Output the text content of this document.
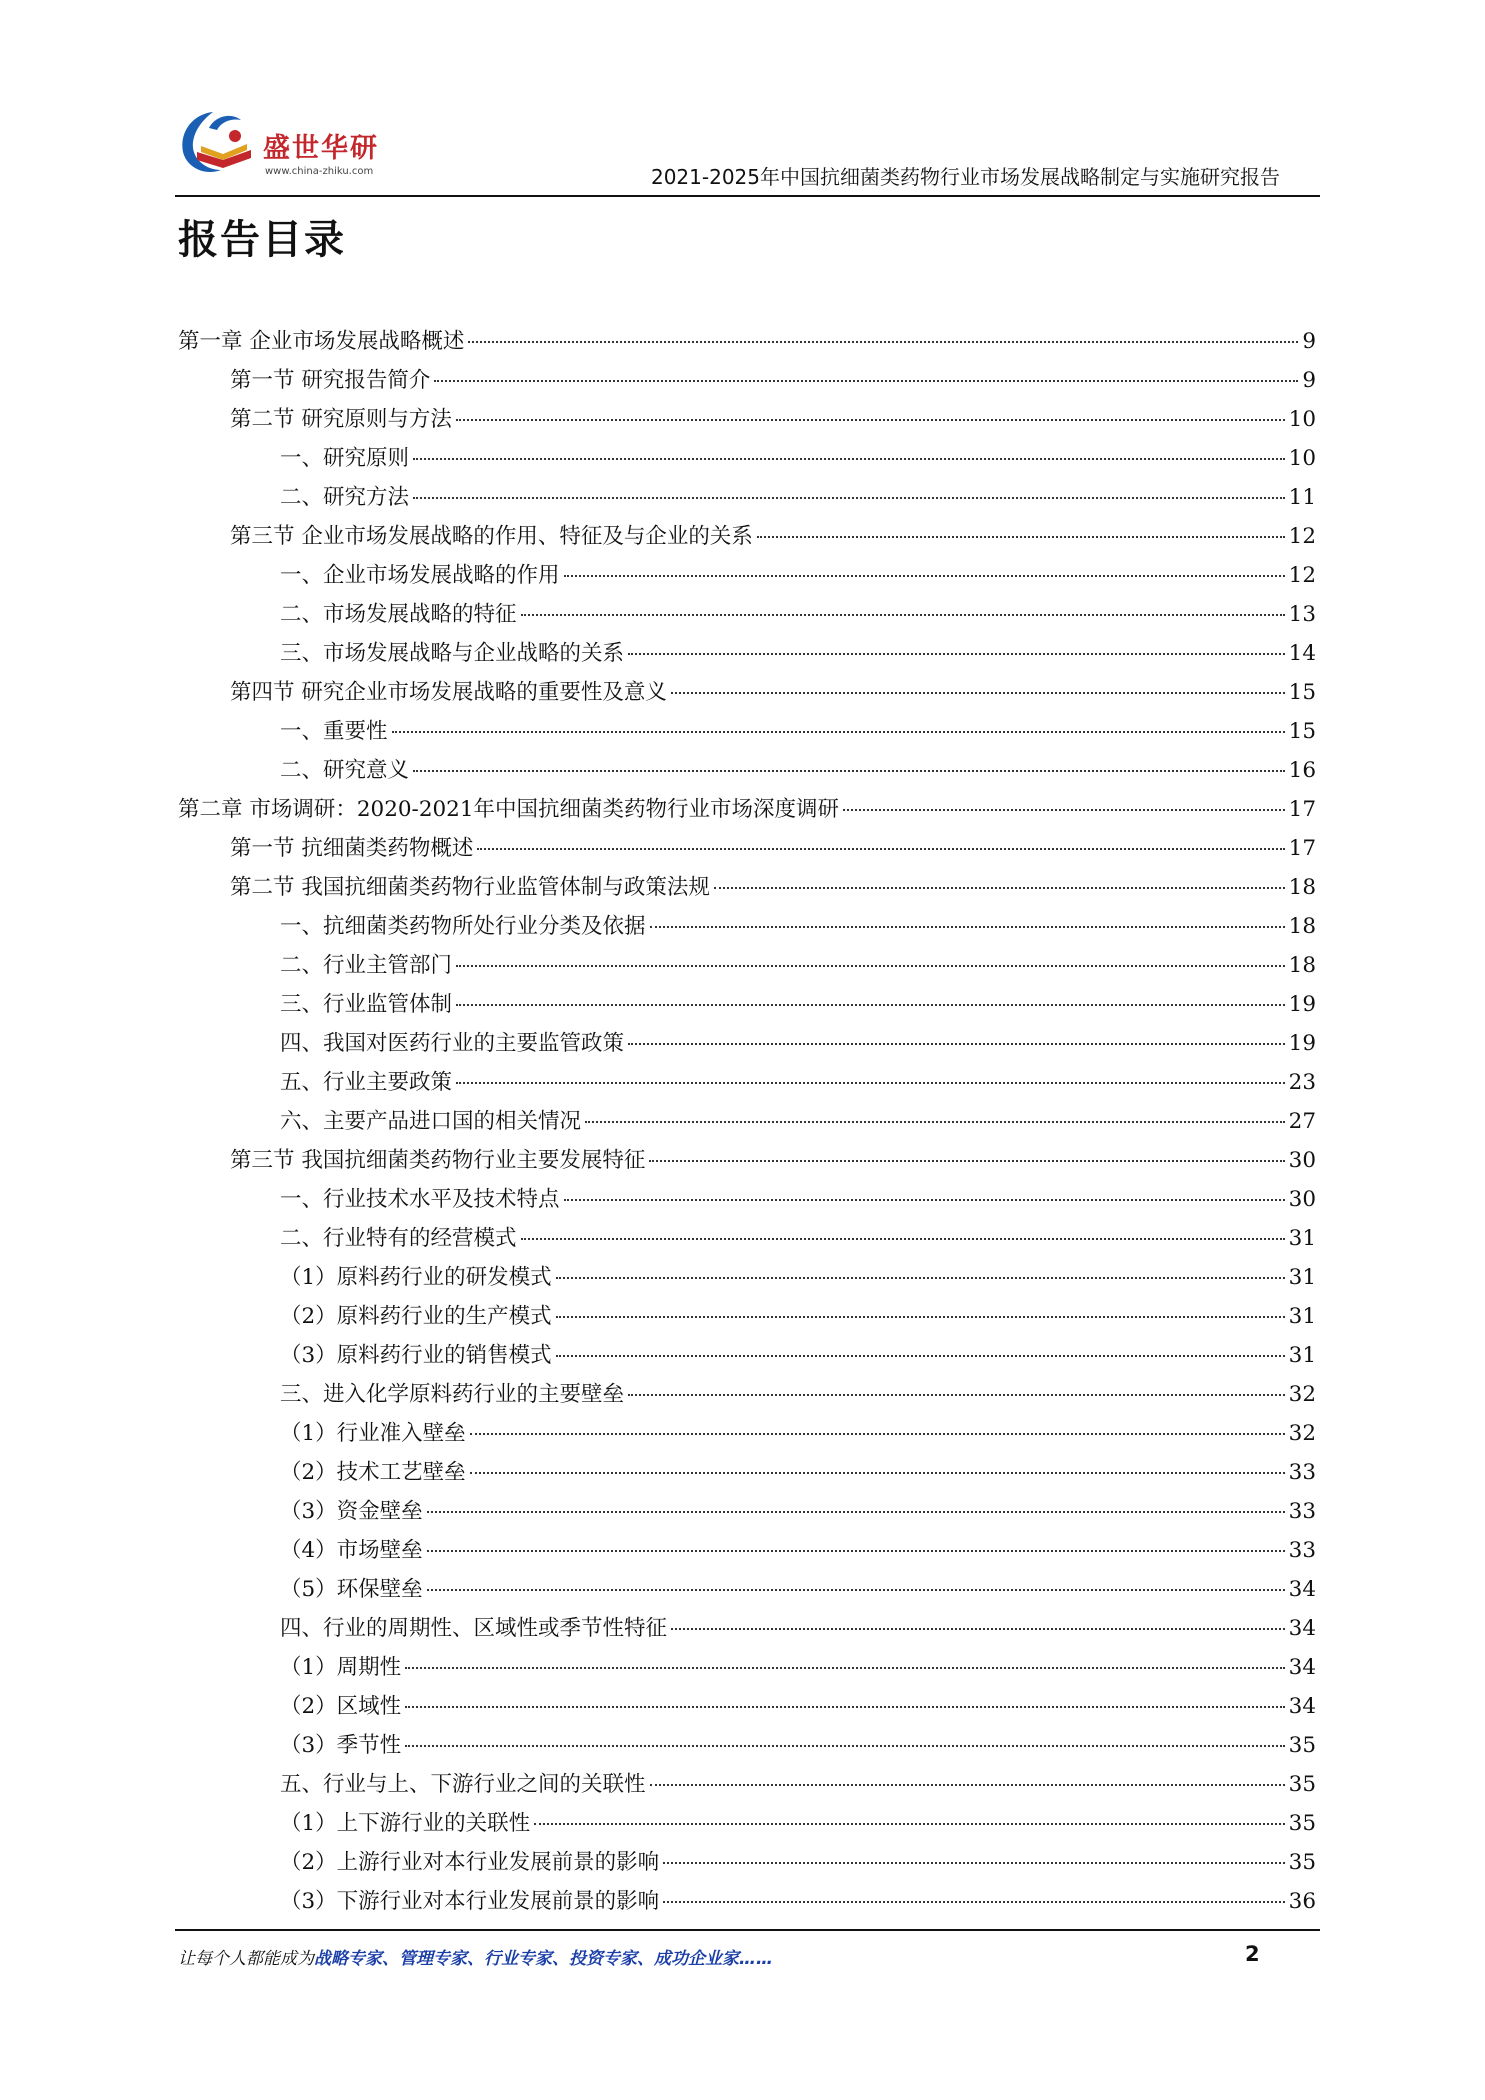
盛世华研
www.china-zhiku.com	2021-2025年中国抗细菌类药物行业市场发展战略制定与实施研究报告
报告目录
第一章 企业市场发展战略概述	9
第一节 研究报告简介	9
第二节 研究原则与方法	10
一、研究原则	10
二、研究方法	11
第三节 企业市场发展战略的作用、特征及与企业的关系	12
一、企业市场发展战略的作用	12
二、市场发展战略的特征	13
三、市场发展战略与企业战略的关系	14
第四节 研究企业市场发展战略的重要性及意义	15
一、重要性	15
二、研究意义	16
第二章 市场调研：2020-2021年中国抗细菌类药物行业市场深度调研	17
第一节 抗细菌类药物概述	17
第二节 我国抗细菌类药物行业监管体制与政策法规	18
一、抗细菌类药物所处行业分类及依据	18
二、行业主管部门	18
三、行业监管体制	19
四、我国对医药行业的主要监管政策	19
五、行业主要政策	23
六、主要产品进口国的相关情况	27
第三节 我国抗细菌类药物行业主要发展特征	30
一、行业技术水平及技术特点	30
二、行业特有的经营模式	31
（1）原料药行业的研发模式	31
（2）原料药行业的生产模式	31
（3）原料药行业的销售模式	31
三、进入化学原料药行业的主要壁垒	32
（1）行业准入壁垒	32
（2）技术工艺壁垒	33
（3）资金壁垒	33
（4）市场壁垒	33
（5）环保壁垒	34
四、行业的周期性、区域性或季节性特征	34
（1）周期性	34
（2）区域性	34
（3）季节性	35
五、行业与上、下游行业之间的关联性	35
（1）上下游行业的关联性	35
（2）上游行业对本行业发展前景的影响	35
（3）下游行业对本行业发展前景的影响	36
让每个人都能成为战略专家、管理专家、行业专家、投资专家、成功企业家……	2
